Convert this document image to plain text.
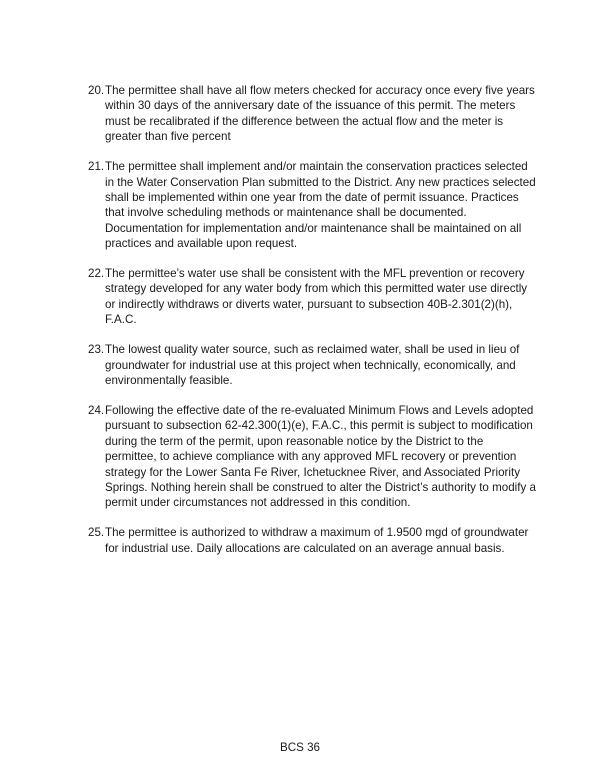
20. The permittee shall have all flow meters checked for accuracy once every five years within 30 days of the anniversary date of the issuance of this permit. The meters must be recalibrated if the difference between the actual flow and the meter is greater than five percent
21. The permittee shall implement and/or maintain the conservation practices selected in the Water Conservation Plan submitted to the District. Any new practices selected shall be implemented within one year from the date of permit issuance. Practices that involve scheduling methods or maintenance shall be documented. Documentation for implementation and/or maintenance shall be maintained on all practices and available upon request.
22. The permittee’s water use shall be consistent with the MFL prevention or recovery strategy developed for any water body from which this permitted water use directly or indirectly withdraws or diverts water, pursuant to subsection 40B-2.301(2)(h), F.A.C.
23. The lowest quality water source, such as reclaimed water, shall be used in lieu of groundwater for industrial use at this project when technically, economically, and environmentally feasible.
24. Following the effective date of the re-evaluated Minimum Flows and Levels adopted pursuant to subsection 62-42.300(1)(e), F.A.C., this permit is subject to modification during the term of the permit, upon reasonable notice by the District to the permittee, to achieve compliance with any approved MFL recovery or prevention strategy for the Lower Santa Fe River, Ichetucknee River, and Associated Priority Springs. Nothing herein shall be construed to alter the District’s authority to modify a permit under circumstances not addressed in this condition.
25. The permittee is authorized to withdraw a maximum of 1.9500 mgd of groundwater for industrial use. Daily allocations are calculated on an average annual basis.
BCS 36
